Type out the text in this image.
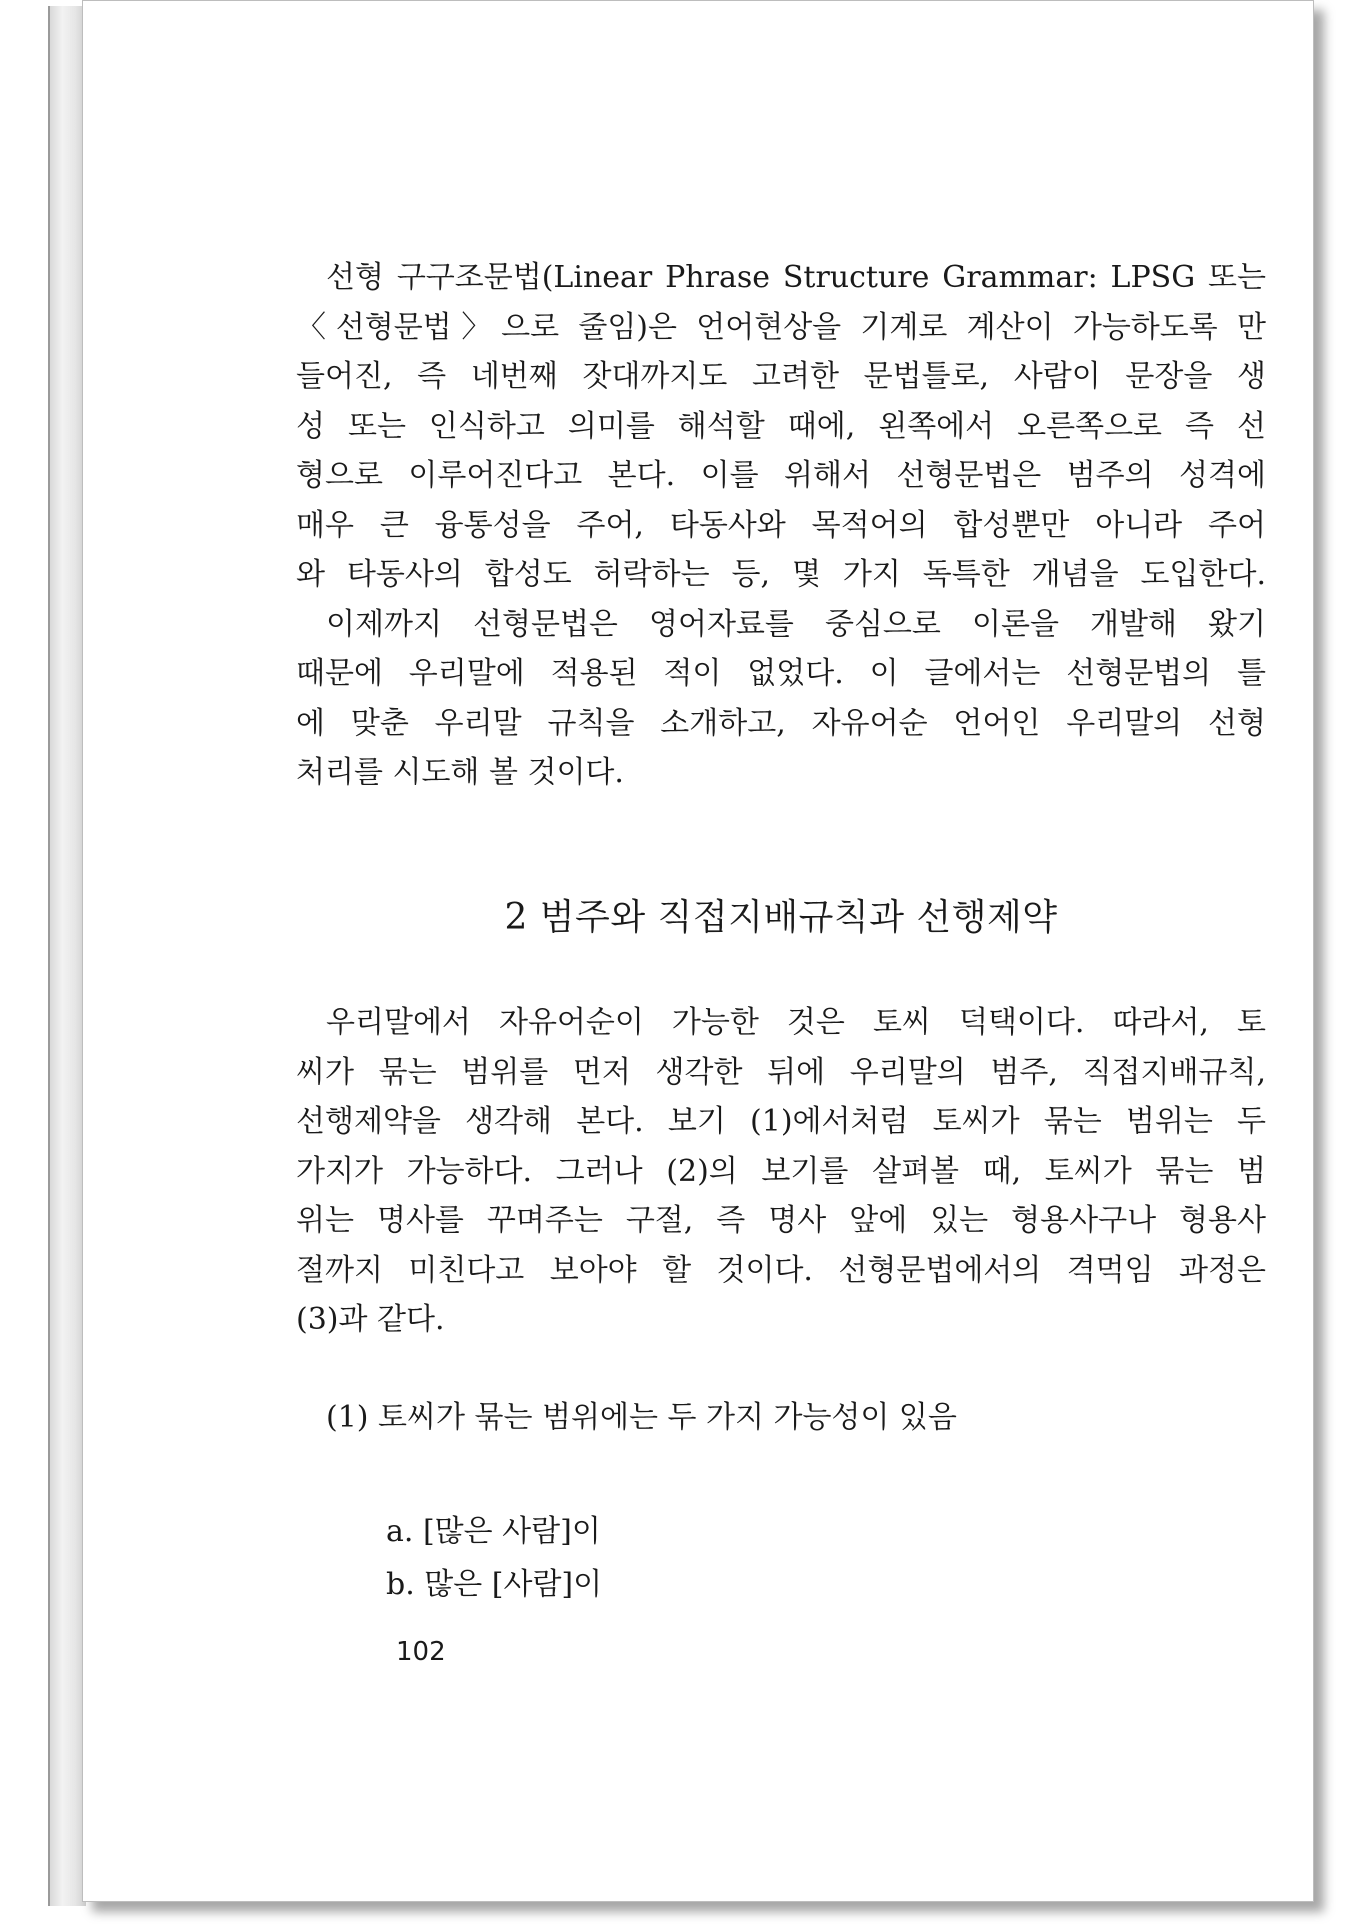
선형 구구조문법(Linear Phrase Structure Grammar: LPSG 또는
〈선형문법〉으로 줄임)은 언어현상을 기계로 계산이 가능하도록 만
들어진, 즉 네번째 잣대까지도 고려한 문법틀로, 사람이 문장을 생
성 또는 인식하고 의미를 해석할 때에, 왼쪽에서 오른쪽으로 즉 선
형으로 이루어진다고 본다. 이를 위해서 선형문법은 범주의 성격에
매우 큰 융통성을 주어, 타동사와 목적어의 합성뿐만 아니라 주어
와 타동사의 합성도 허락하는 등, 몇 가지 독특한 개념을 도입한다.
이제까지 선형문법은 영어자료를 중심으로 이론을 개발해 왔기
때문에 우리말에 적용된 적이 없었다. 이 글에서는 선형문법의 틀
에 맞춘 우리말 규칙을 소개하고, 자유어순 언어인 우리말의 선형
처리를 시도해 볼 것이다.
2 범주와 직접지배규칙과 선행제약
우리말에서 자유어순이 가능한 것은 토씨 덕택이다. 따라서, 토
씨가 묶는 범위를 먼저 생각한 뒤에 우리말의 범주, 직접지배규칙,
선행제약을 생각해 본다. 보기 (1)에서처럼 토씨가 묶는 범위는 두
가지가 가능하다. 그러나 (2)의 보기를 살펴볼 때, 토씨가 묶는 범
위는 명사를 꾸며주는 구절, 즉 명사 앞에 있는 형용사구나 형용사
절까지 미친다고 보아야 할 것이다. 선형문법에서의 격먹임 과정은
(3)과 같다.
(1) 토씨가 묶는 범위에는 두 가지 가능성이 있음
a. [많은 사람]이
b. 많은 [사람]이
102
